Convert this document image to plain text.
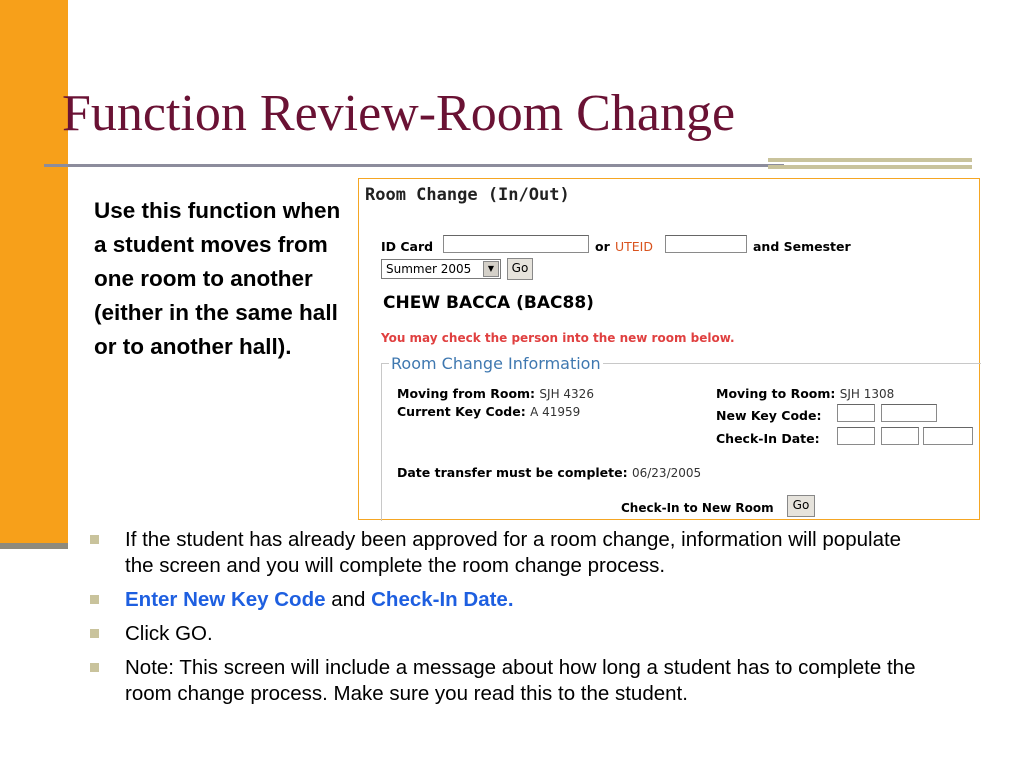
Function Review-Room Change

Use this function when a student moves from one room to another (either in the same hall or to another hall).

Room Change (In/Out)
ID Card	or UTEID	and Semester
Summer 2005	▼	Go
CHEW BACCA (BAC88)
You may check the person into the new room below.
Room Change Information
Moving from Room: SJH 4326
Current Key Code: A 41959
Moving to Room: SJH 1308
New Key Code:
Check-In Date:
Date transfer must be complete: 06/23/2005
Check-In to New Room	Go
If the student has already been approved for a room change, information will populate the screen and you will complete the room change process.
Enter New Key Code and Check-In Date.
Click GO.
Note: This screen will include a message about how long a student has to complete the room change process. Make sure you read this to the student.
